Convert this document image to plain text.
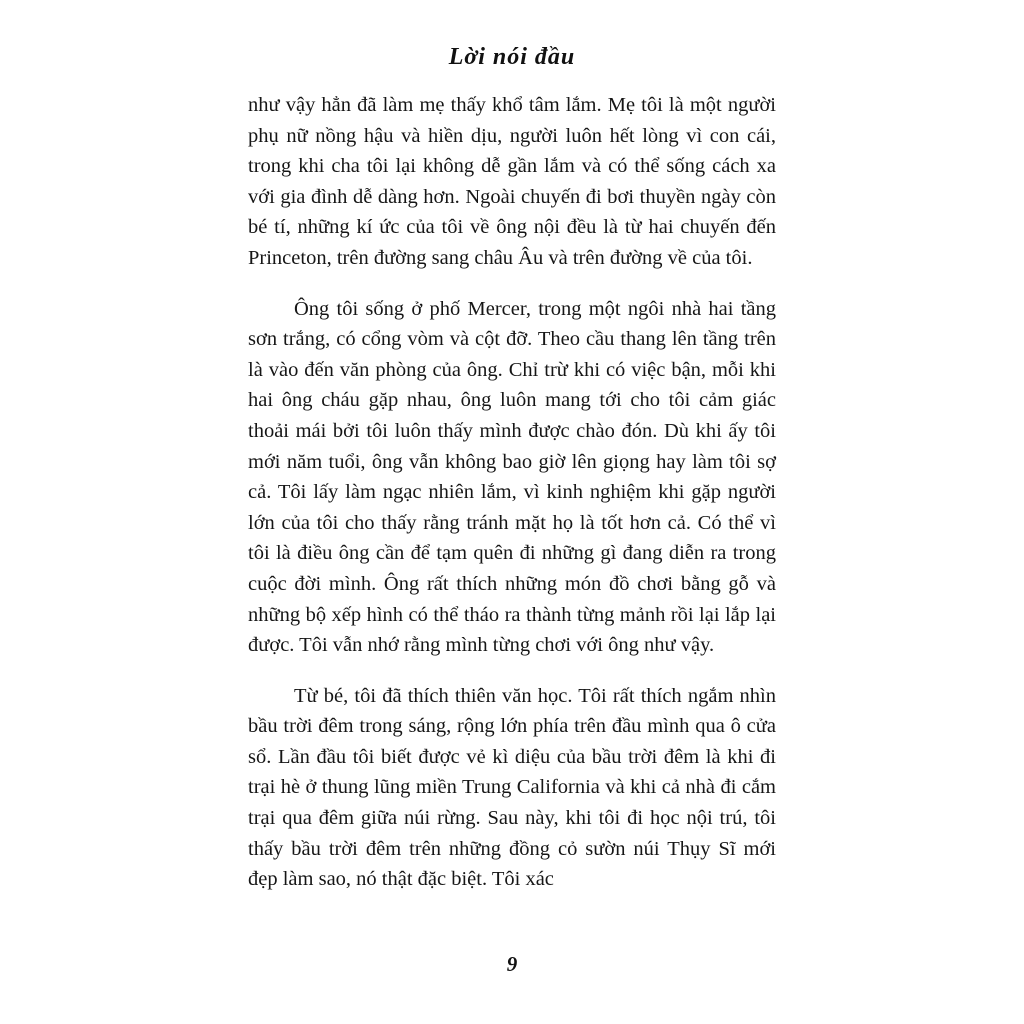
Lời nói đầu

như vậy hẳn đã làm mẹ thấy khổ tâm lắm. Mẹ tôi là một người phụ nữ nồng hậu và hiền dịu, người luôn hết lòng vì con cái, trong khi cha tôi lại không dễ gần lắm và có thể sống cách xa với gia đình dễ dàng hơn. Ngoài chuyến đi bơi thuyền ngày còn bé tí, những kí ức của tôi về ông nội đều là từ hai chuyến đến Princeton, trên đường sang châu Âu và trên đường về của tôi.

Ông tôi sống ở phố Mercer, trong một ngôi nhà hai tầng sơn trắng, có cổng vòm và cột đỡ. Theo cầu thang lên tầng trên là vào đến văn phòng của ông. Chỉ trừ khi có việc bận, mỗi khi hai ông cháu gặp nhau, ông luôn mang tới cho tôi cảm giác thoải mái bởi tôi luôn thấy mình được chào đón. Dù khi ấy tôi mới năm tuổi, ông vẫn không bao giờ lên giọng hay làm tôi sợ cả. Tôi lấy làm ngạc nhiên lắm, vì kinh nghiệm khi gặp người lớn của tôi cho thấy rằng tránh mặt họ là tốt hơn cả. Có thể vì tôi là điều ông cần để tạm quên đi những gì đang diễn ra trong cuộc đời mình. Ông rất thích những món đồ chơi bằng gỗ và những bộ xếp hình có thể tháo ra thành từng mảnh rồi lại lắp lại được. Tôi vẫn nhớ rằng mình từng chơi với ông như vậy.

Từ bé, tôi đã thích thiên văn học. Tôi rất thích ngắm nhìn bầu trời đêm trong sáng, rộng lớn phía trên đầu mình qua ô cửa sổ. Lần đầu tôi biết được vẻ kì diệu của bầu trời đêm là khi đi trại hè ở thung lũng miền Trung California và khi cả nhà đi cắm trại qua đêm giữa núi rừng. Sau này, khi tôi đi học nội trú, tôi thấy bầu trời đêm trên những đồng cỏ sườn núi Thụy Sĩ mới đẹp làm sao, nó thật đặc biệt. Tôi xác

9
